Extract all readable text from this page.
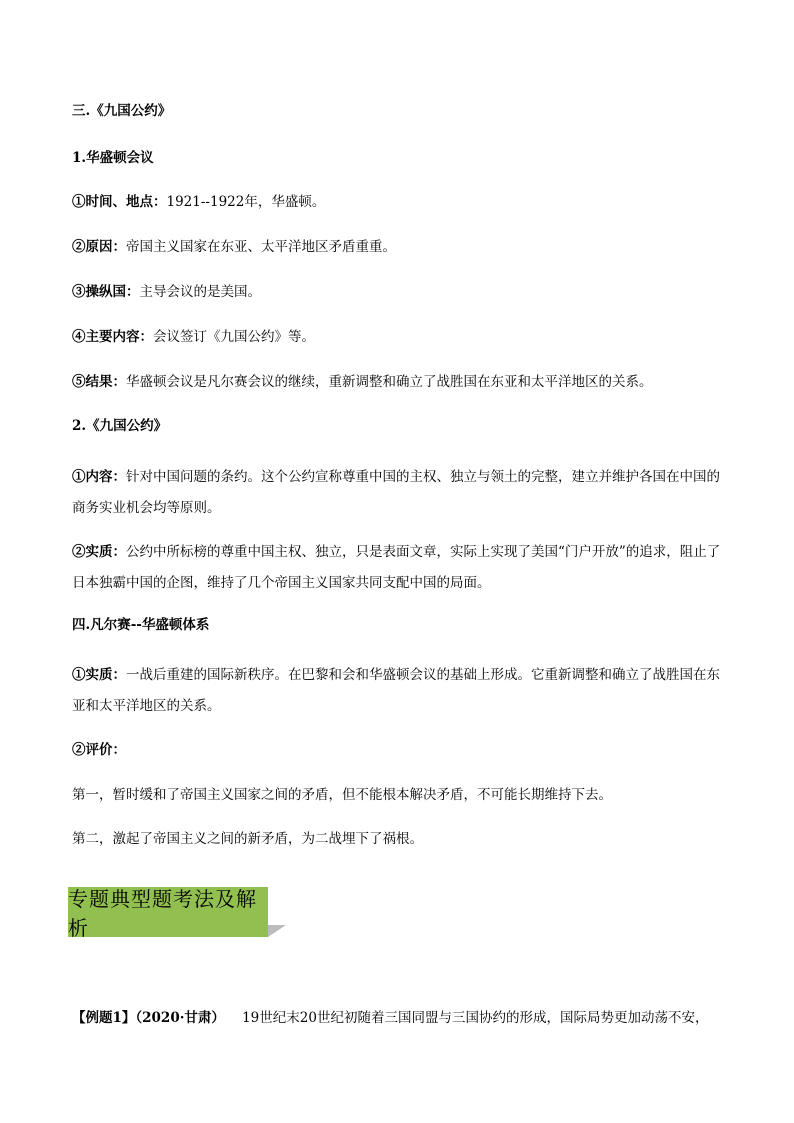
三.《九国公约》
1.华盛顿会议
①时间、地点：1921--1922年，华盛顿。
②原因：帝国主义国家在东亚、太平洋地区矛盾重重。
③操纵国：主导会议的是美国。
④主要内容：会议签订《九国公约》等。
⑤结果：华盛顿会议是凡尔赛会议的继续，重新调整和确立了战胜国在东亚和太平洋地区的关系。
2.《九国公约》
①内容：针对中国问题的条约。这个公约宣称尊重中国的主权、独立与领土的完整，建立并维护各国在中国的商务实业机会均等原则。
②实质：公约中所标榜的尊重中国主权、独立，只是表面文章，实际上实现了美国“门户开放”的追求，阻止了日本独霸中国的企图，维持了几个帝国主义国家共同支配中国的局面。
四.凡尔赛--华盛顿体系
①实质：一战后重建的国际新秩序。在巴黎和会和华盛顿会议的基础上形成。它重新调整和确立了战胜国在东亚和太平洋地区的关系。
②评价：
第一，暂时缓和了帝国主义国家之间的矛盾，但不能根本解决矛盾，不可能长期维持下去。
第二，激起了帝国主义之间的新矛盾，为二战埋下了祸根。
专题典型题考法及解析
【例题1】（2020·甘肃） 19世纪末20世纪初随着三国同盟与三国协约的形成，国际局势更加动荡不安，
